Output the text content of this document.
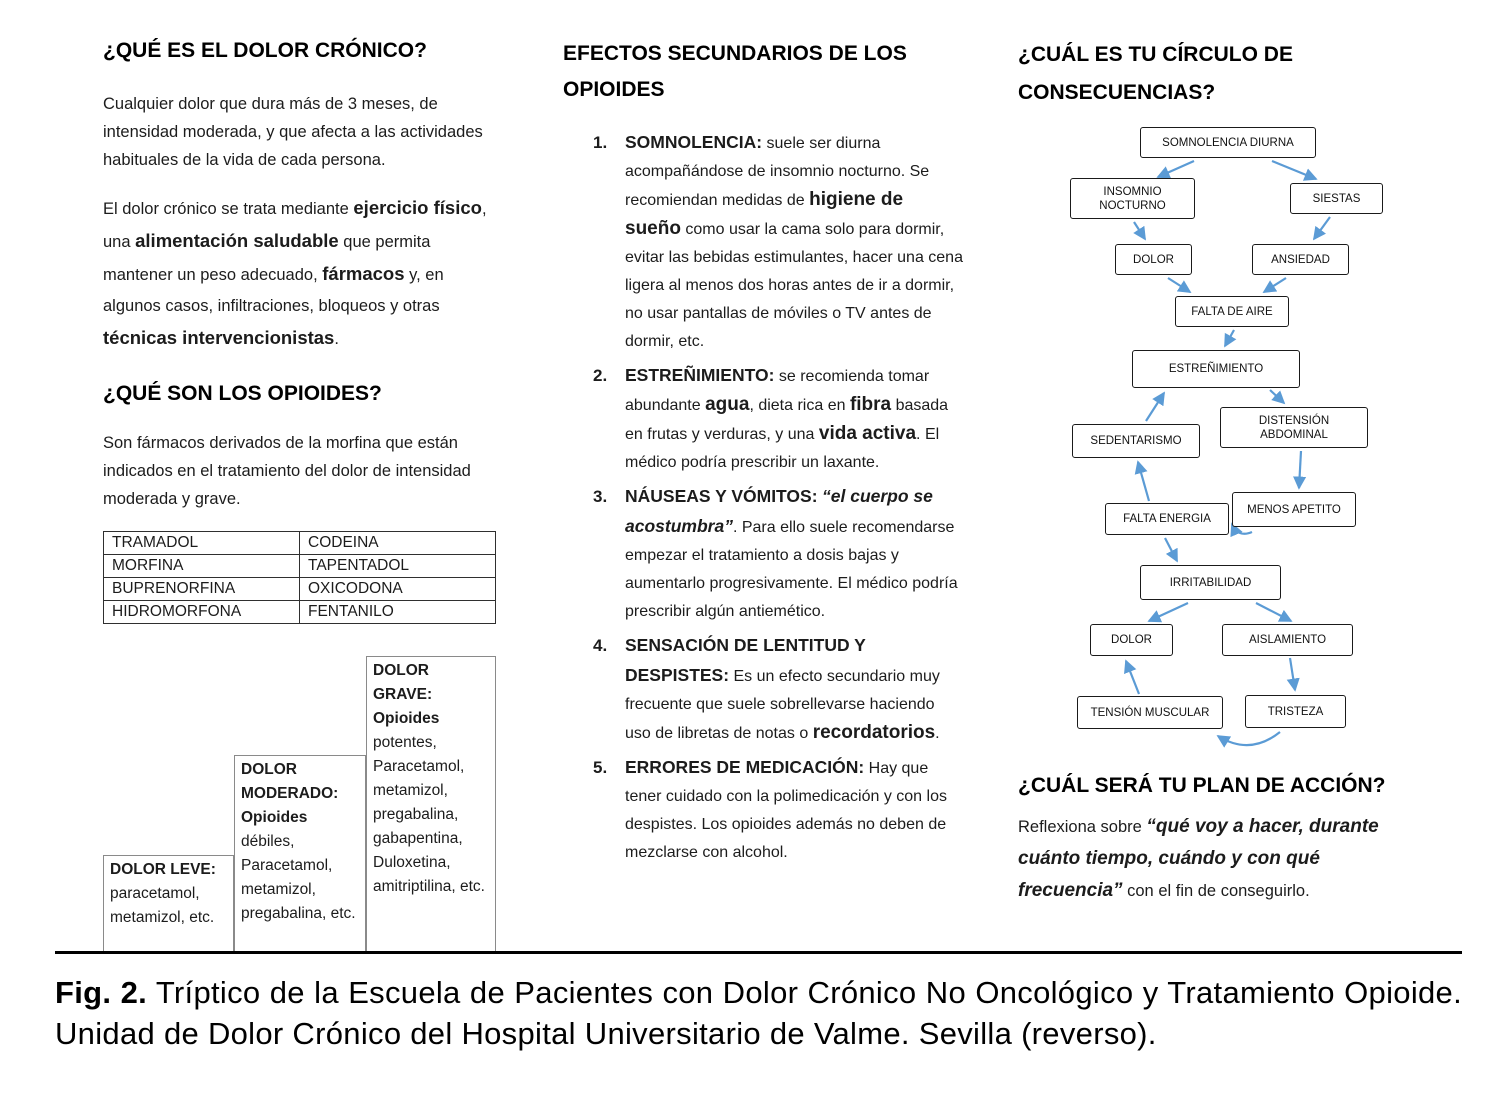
¿QUÉ ES EL DOLOR CRÓNICO?

Cualquier dolor que dura más de 3 meses, de intensidad moderada, y que afecta a las actividades habituales de la vida de cada persona.

El dolor crónico se trata mediante ejercicio físico, una alimentación saludable que permita mantener un peso adecuado, fármacos y, en algunos casos, infiltraciones, bloqueos y otras técnicas intervencionistas.

¿QUÉ SON LOS OPIOIDES?

Son fármacos derivados de la morfina que están indicados en el tratamiento del dolor de intensidad moderada y grave.

TRAMADOL	CODEINA
MORFINA	TAPENTADOL
BUPRENORFINA	OXICODONA
HIDROMORFONA	FENTANILO
DOLOR LEVE:
paracetamol, metamizol, etc.
DOLOR MODERADO:
Opioides débiles, Paracetamol, metamizol, pregabalina, etc.
DOLOR GRAVE:
Opioides potentes, Paracetamol, metamizol, pregabalina, gabapentina, Duloxetina, amitriptilina, etc.
EFECTOS SECUNDARIOS DE LOS OPIOIDES
1. SOMNOLENCIA: suele ser diurna acompañándose de insomnio nocturno. Se recomiendan medidas de higiene de sueño como usar la cama solo para dormir, evitar las bebidas estimulantes, hacer una cena ligera al menos dos horas antes de ir a dormir, no usar pantallas de móviles o TV antes de dormir, etc.
2. ESTREÑIMIENTO: se recomienda tomar abundante agua, dieta rica en fibra basada en frutas y verduras, y una vida activa. El médico podría prescribir un laxante.
3. NÁUSEAS Y VÓMITOS: “el cuerpo se acostumbra”. Para ello suele recomendarse empezar el tratamiento a dosis bajas y aumentarlo progresivamente. El médico podría prescribir algún antiemético.
4. SENSACIÓN DE LENTITUD Y DESPISTES: Es un efecto secundario muy frecuente que suele sobrellevarse haciendo uso de libretas de notas o recordatorios.
5. ERRORES DE MEDICACIÓN: Hay que tener cuidado con la polimedicación y con los despistes. Los opioides además no deben de mezclarse con alcohol.
¿CUÁL ES TU CÍRCULO DE CONSECUENCIAS?
SOMNOLENCIA DIURNA
INSOMNIO NOCTURNO
SIESTAS
DOLOR	ANSIEDAD
FALTA DE AIRE
ESTREÑIMIENTO
SEDENTARISMO
DISTENSIÓN ABDOMINAL
FALTA ENERGIA
MENOS APETITO
IRRITABILIDAD
DOLOR	AISLAMIENTO
TENSIÓN MUSCULAR	TRISTEZA
¿CUÁL SERÁ TU PLAN DE ACCIÓN?

Reflexiona sobre “qué voy a hacer, durante cuánto tiempo, cuándo y con qué frecuencia” con el fin de conseguirlo.

Fig. 2. Tríptico de la Escuela de Pacientes con Dolor Crónico No Oncológico y Tratamiento Opioide. Unidad de Dolor Crónico del Hospital Universitario de Valme. Sevilla (reverso).
